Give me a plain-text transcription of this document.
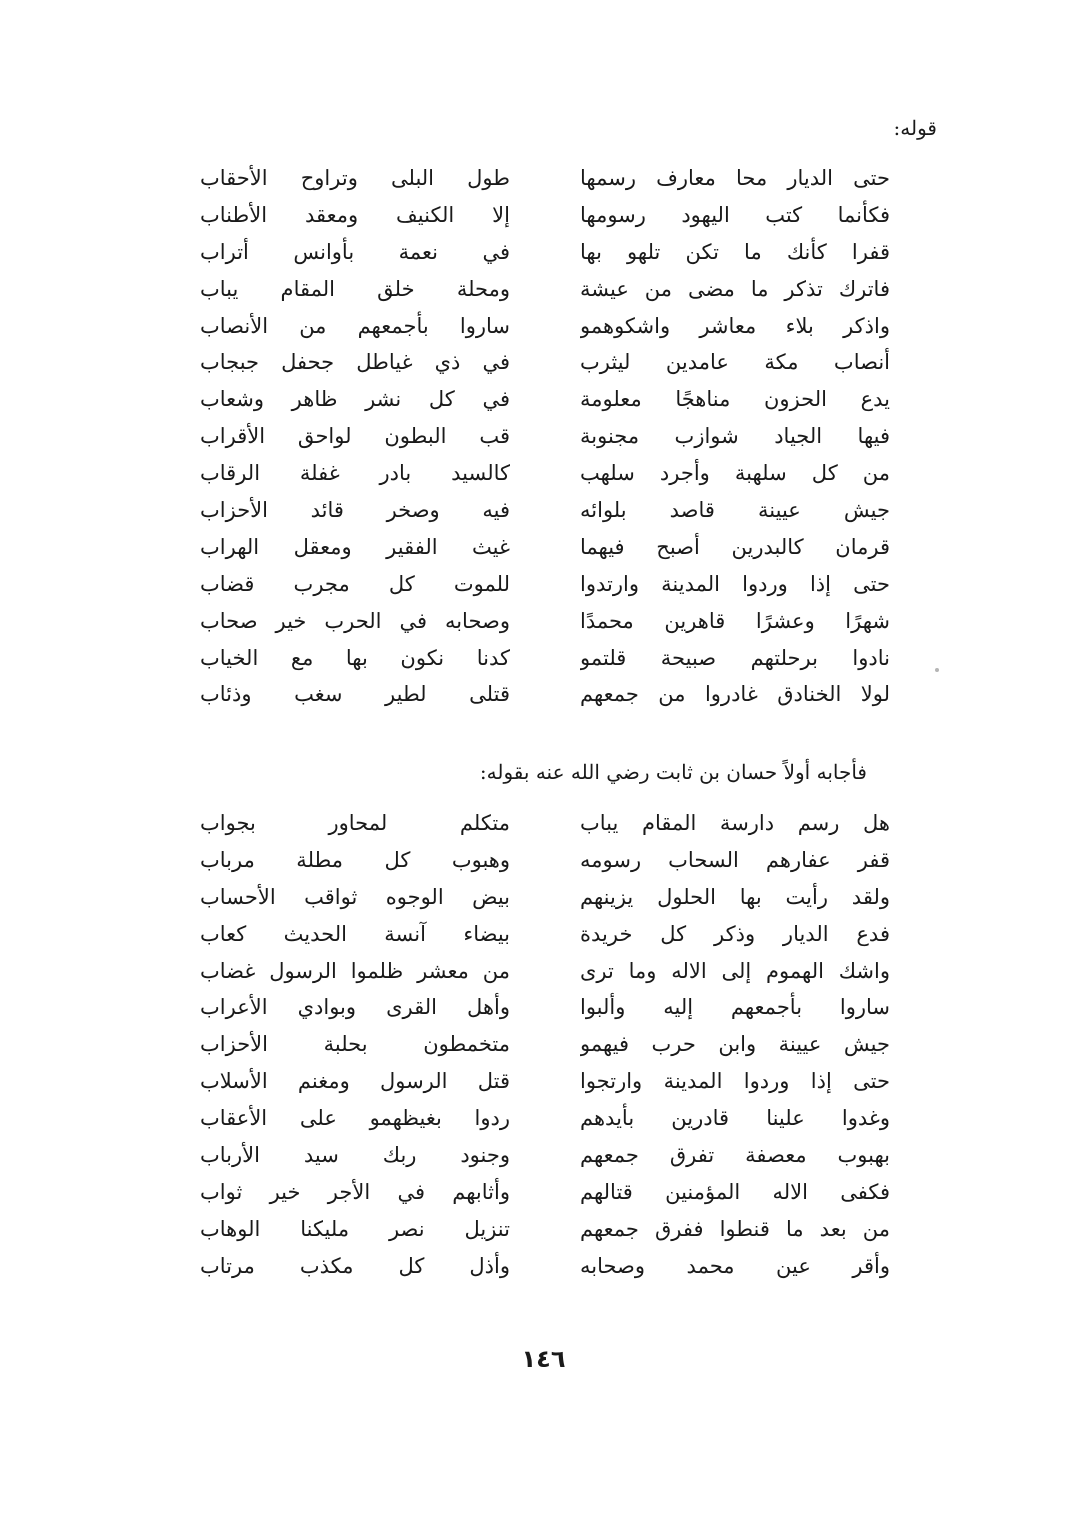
قوله:
حتى الديار محا معارف رسمها
طول البلى وتراوح الأحقاب
فكأنما كتب اليهود رسومها
إلا الكنيف ومعقد الأطناب
قفرا كأنك ما تكن تلهو بها
في نعمة بأوانس أتراب
فاترك تذكر ما مضى من عيشة
ومحلة خلق المقام يباب
واذكر بلاء معاشر واشكوهمو
ساروا بأجمعهم من الأنصاب
أنصاب مكة عامدين ليثرب
في ذي غياطل جحفل جبجاب
يدع الحزون مناهجًا معلومة
في كل نشر ظاهر وشعاب
فيها الجياد شوازب مجنوبة
قب البطون لواحق الأقراب
من كل سلهبة وأجرد سلهب
كالسيد بادر غفلة الرقاب
جيش عيينة قاصد بلوائه
فيه وصخر قائد الأحزاب
قرمان كالبدرين أصبح فيهما
غيث الفقير ومعقل الهراب
حتى إذا وردوا المدينة وارتدوا
للموت كل مجرب قضاب
شهرًا وعشرًا قاهرين محمدًا
وصحابه في الحرب خير صحاب
نادوا برحلتهم صبيحة قلتمو
كدنا نكون بها مع الخياب
لولا الخنادق غادروا من جمعهم
قتلى لطير سغب وذئاب
فأجابه أولاً حسان بن ثابت رضي الله عنه بقوله:
هل رسم دارسة المقام يباب
متكلم لمحاور بجواب
قفر عفارهم السحاب رسومه
وهبوب كل مطلة مرباب
ولقد رأيت بها الحلول يزينهم
بيض الوجوه ثواقب الأحساب
فدع الديار وذكر كل خريدة
بيضاء آنسة الحديث كعاب
واشك الهموم إلى الاله وما ترى
من معشر ظلموا الرسول غضاب
ساروا بأجمعهم إليه وألبوا
وأهل القرى وبوادي الأعراب
جيش عيينة وابن حرب فيهمو
متخمطون بحلبة الأحزاب
حتى إذا وردوا المدينة وارتجوا
قتل الرسول ومغنم الأسلاب
وغدوا علينا قادرين بأيدهم
ردوا بغيظهمو على الأعقاب
بهبوب معصفة تفرق جمعهم
وجنود ربك سيد الأرباب
فكفى الاله المؤمنين قتالهم
وأثابهم في الأجر خير ثواب
من بعد ما قنطوا ففرق جمعهم
تنزيل نصر مليكنا الوهاب
وأقر عين محمد وصحابه
وأذل كل مكذب مرتاب
١٤٦
